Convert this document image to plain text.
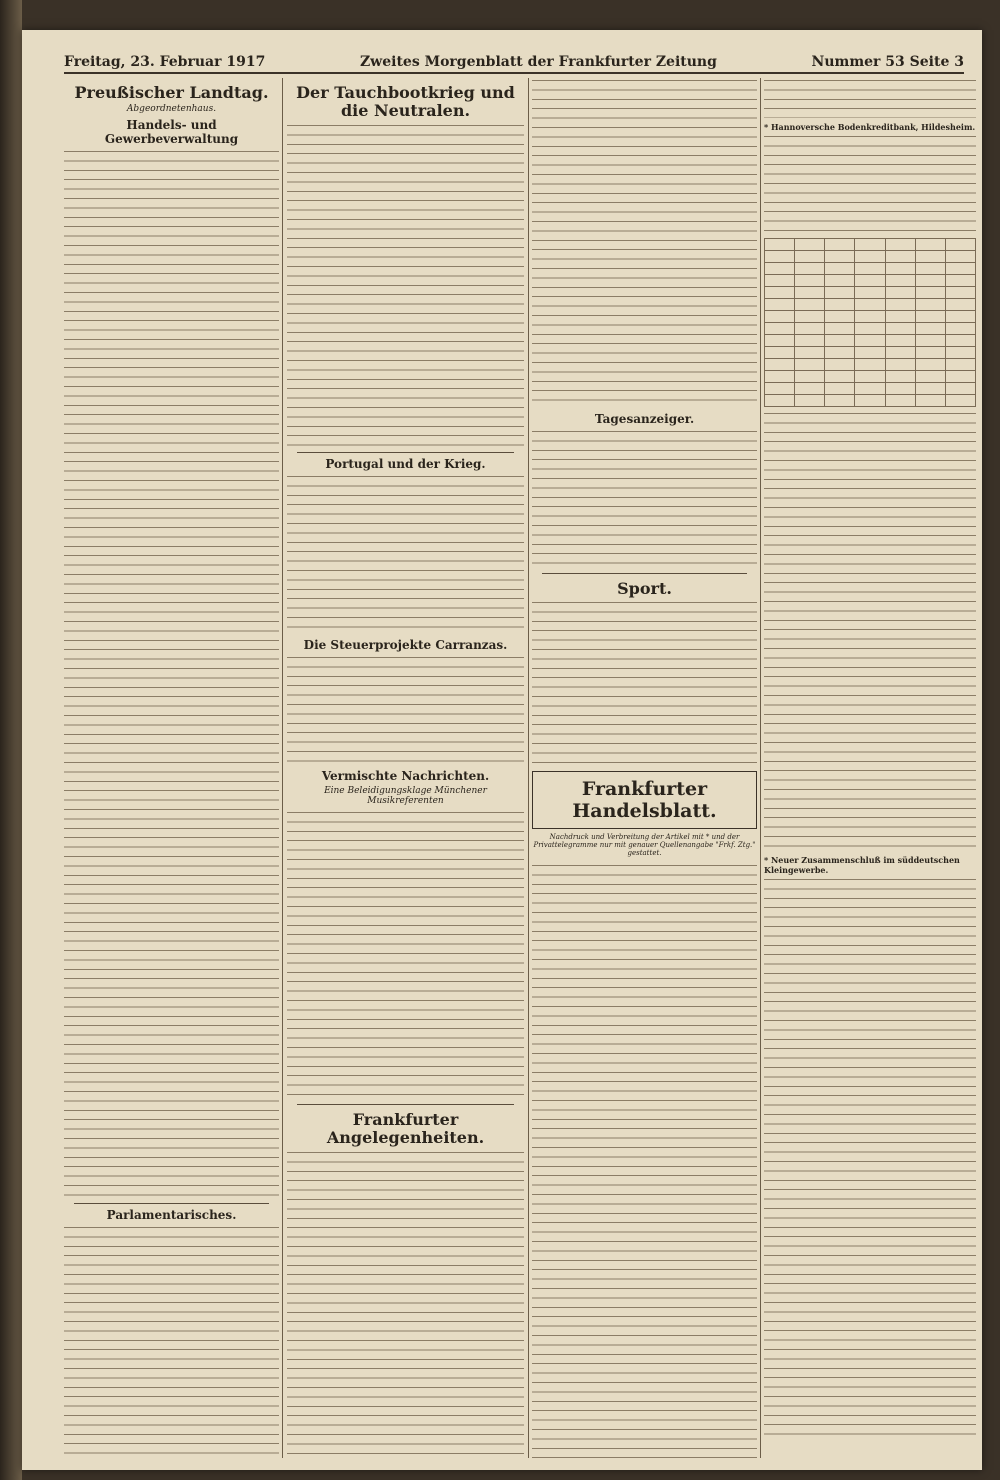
Freitag, 23. Februar 1917	Zweites Morgenblatt der Frankfurter Zeitung	Nummer 53 Seite 3
Preußischer Landtag.
Abgeordnetenhaus.
Handels- und Gewerbeverwaltung
Parlamentarisches.
Der Tauchbootkrieg und die Neutralen.
Portugal und der Krieg.
Die Steuerprojekte Carranzas.
Vermischte Nachrichten.
Eine Beleidigungsklage Münchener Musikreferenten
Frankfurter Angelegenheiten.
Tagesanzeiger.
Sport.
Frankfurter Handelsblatt.
Nachdruck und Verbreitung der Artikel mit * und der Privattelegramme nur mit genauer Quellenangabe "Frkf. Ztg." gestattet.
* Hannoversche Bodenkreditbank, Hildesheim.

* Neuer Zusammenschluß im süddeutschen Kleingewerbe.
